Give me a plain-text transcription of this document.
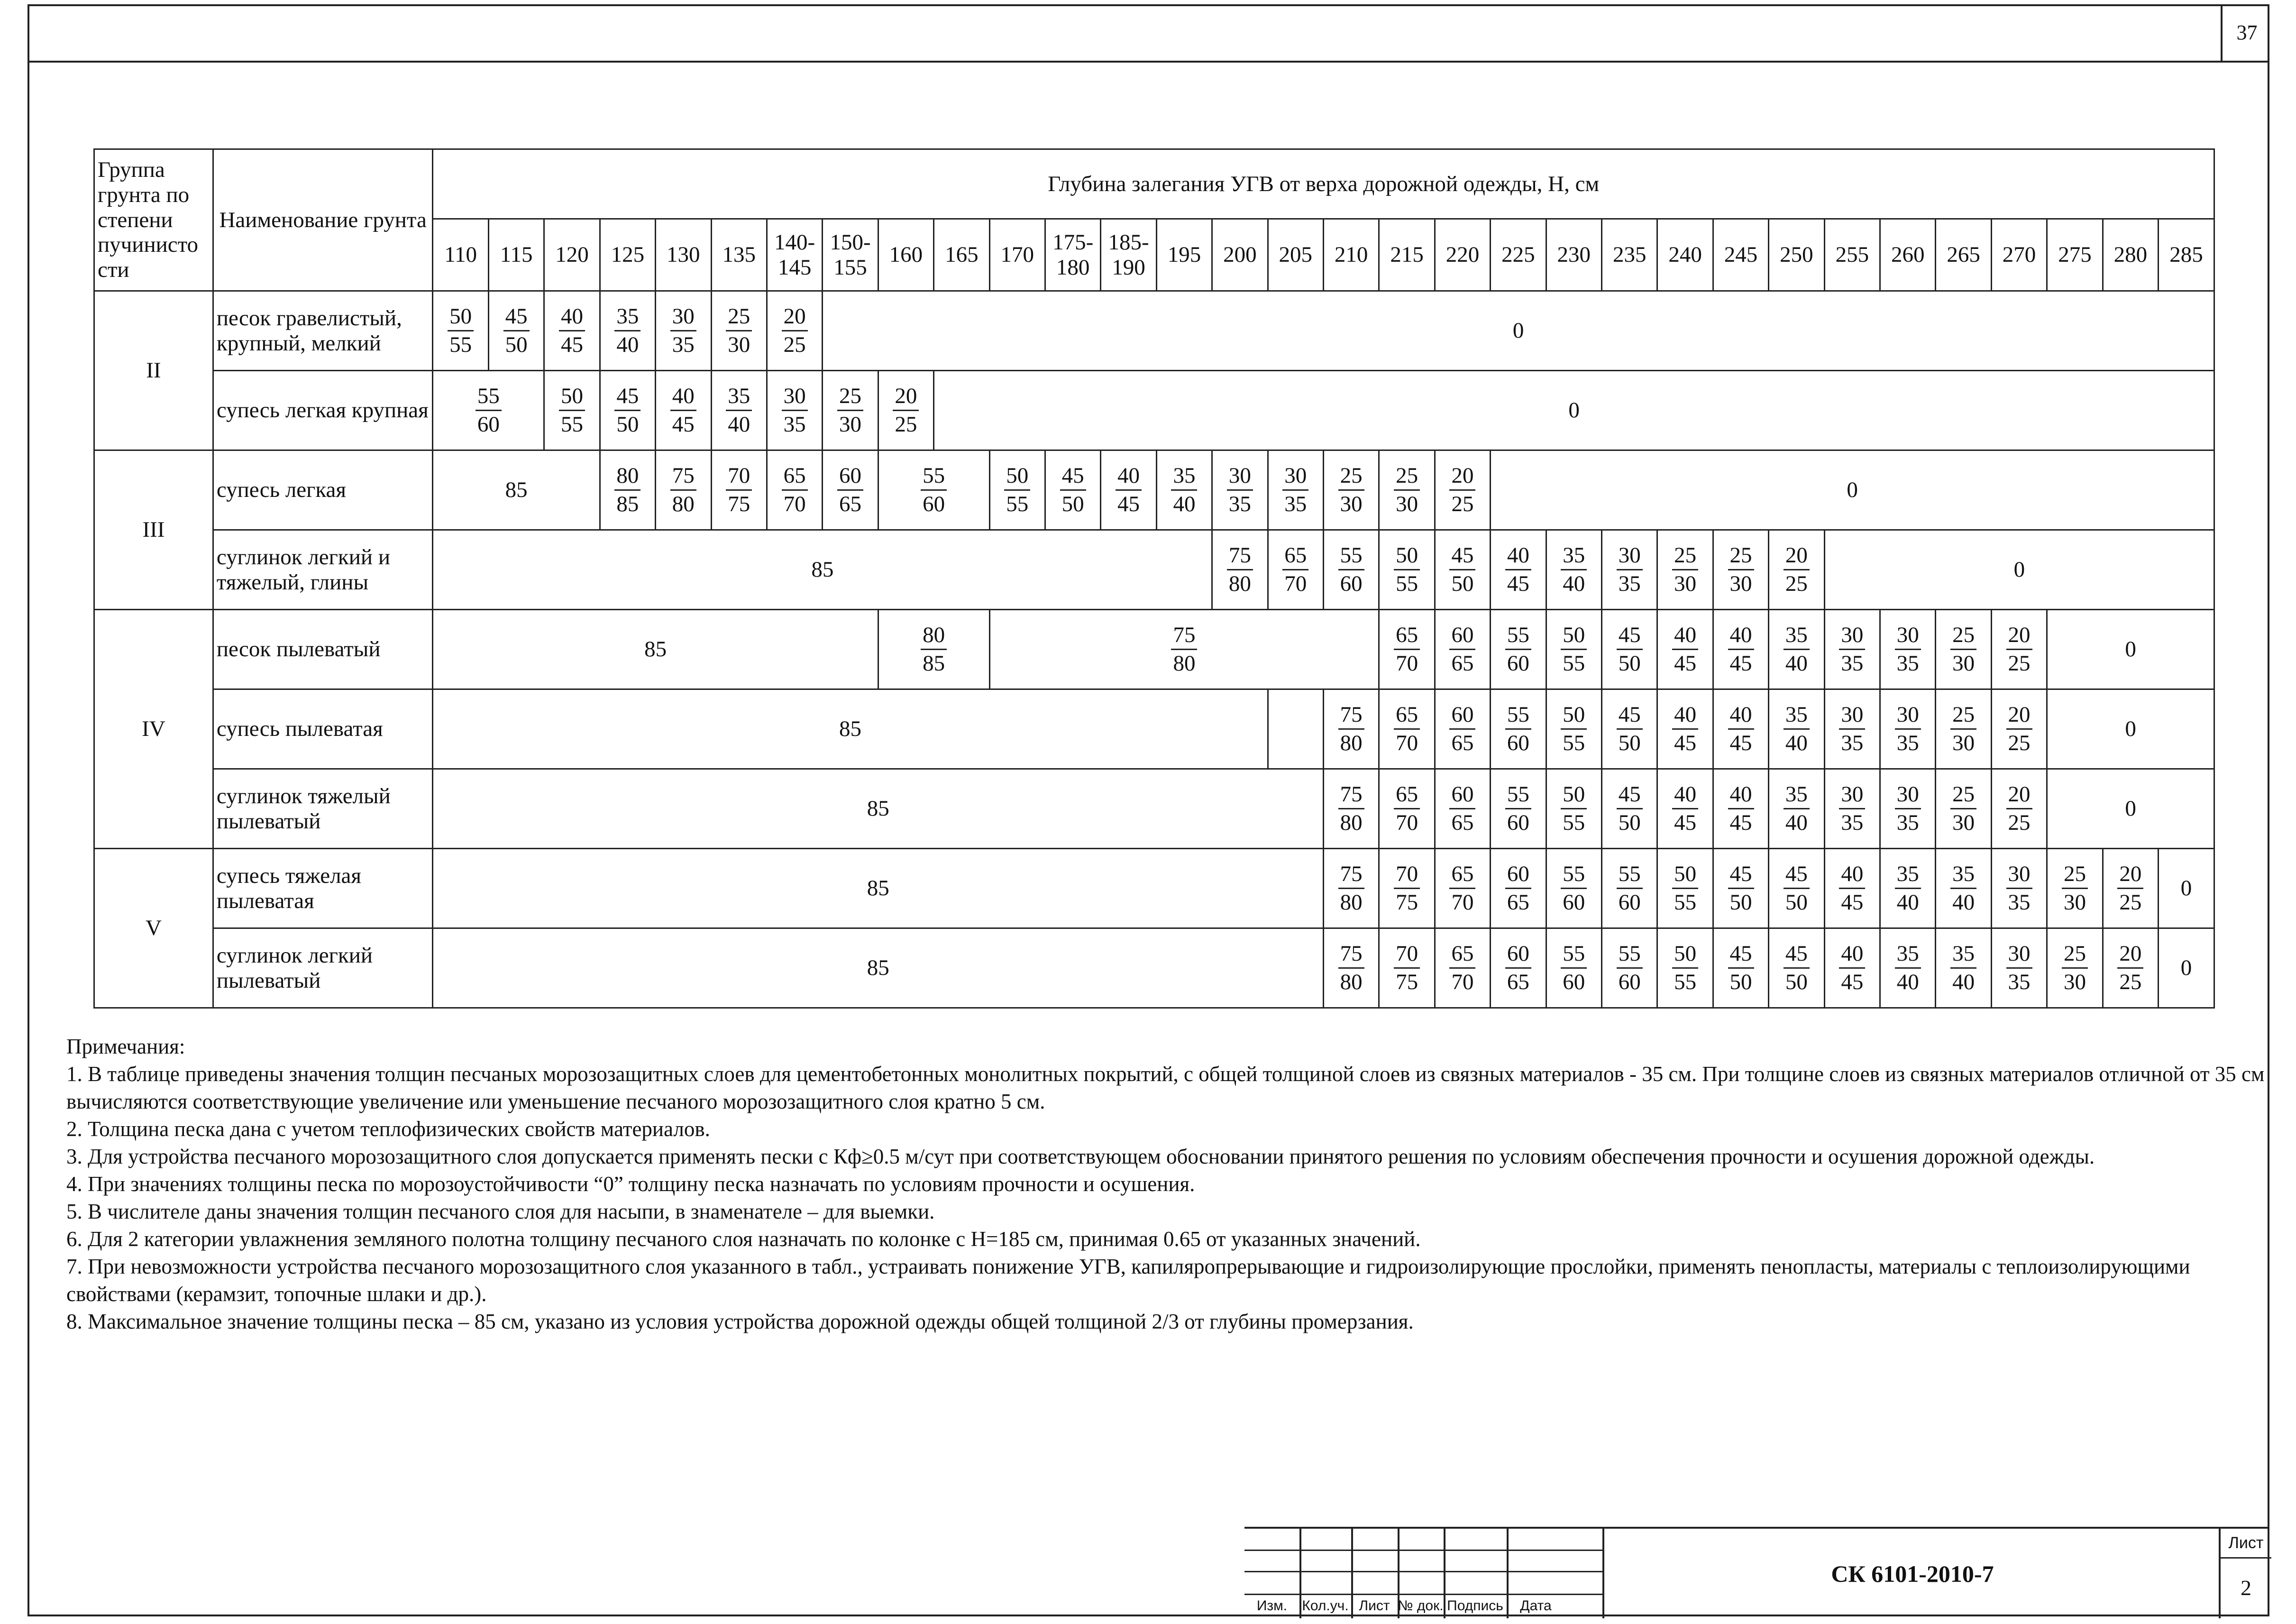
37
Группа грунта по степени пучинисто сти	Наименование грунта	Глубина залегания УГВ от верха дорожной одежды, Н, см																															
		110	115	120	125	130	135	140-145	150-155	160	165	170	175-180	185-190	195	200	205	210	215	220	225	230	235	240	245	250	255	260	265	270	275	280	285
II	песок гравелистый, крупный, мелкий	$\frac{50}{55}$	$\frac{45}{50}$	$\frac{40}{45}$	$\frac{35}{40}$	$\frac{30}{35}$	$\frac{25}{30}$	$\frac{20}{25}$	0																								
	супесь легкая крупная	$\frac{55}{60}$		$\frac{50}{55}$	$\frac{45}{50}$	$\frac{40}{45}$	$\frac{35}{40}$	$\frac{30}{35}$	$\frac{25}{30}$	$\frac{20}{25}$	0																						
III	супесь легкая	85			$\frac{80}{85}$	$\frac{75}{80}$	$\frac{70}{75}$	$\frac{65}{70}$	$\frac{60}{65}$	$\frac{55}{60}$		$\frac{50}{55}$	$\frac{45}{50}$	$\frac{40}{45}$	$\frac{35}{40}$	$\frac{30}{35}$	$\frac{30}{35}$	$\frac{25}{30}$	$\frac{25}{30}$	$\frac{20}{25}$	0												
	суглинок легкий и тяжелый, глины	85														$\frac{75}{80}$	$\frac{65}{70}$	$\frac{55}{60}$	$\frac{50}{55}$	$\frac{45}{50}$	$\frac{40}{45}$	$\frac{35}{40}$	$\frac{30}{35}$	$\frac{25}{30}$	$\frac{25}{30}$	$\frac{20}{25}$	0						
IV	песок пылеватый	85								$\frac{80}{85}$		$\frac{75}{80}$							$\frac{65}{70}$	$\frac{60}{65}$	$\frac{55}{60}$	$\frac{50}{55}$	$\frac{45}{50}$	$\frac{40}{45}$	$\frac{40}{45}$	$\frac{35}{40}$	$\frac{30}{35}$	$\frac{30}{35}$	$\frac{25}{30}$	$\frac{20}{25}$	0		
	супесь пылеватая	85																$\frac{75}{80}$	$\frac{65}{70}$	$\frac{60}{65}$	$\frac{55}{60}$	$\frac{50}{55}$	$\frac{45}{50}$	$\frac{40}{45}$	$\frac{40}{45}$	$\frac{35}{40}$	$\frac{30}{35}$	$\frac{30}{35}$	$\frac{25}{30}$	$\frac{20}{25}$	0		
	суглинок тяжелый пылеватый	85																$\frac{75}{80}$	$\frac{65}{70}$	$\frac{60}{65}$	$\frac{55}{60}$	$\frac{50}{55}$	$\frac{45}{50}$	$\frac{40}{45}$	$\frac{40}{45}$	$\frac{35}{40}$	$\frac{30}{35}$	$\frac{30}{35}$	$\frac{25}{30}$	$\frac{20}{25}$	0		
V	супесь тяжелая пылеватая	85																$\frac{75}{80}$	$\frac{70}{75}$	$\frac{65}{70}$	$\frac{60}{65}$	$\frac{55}{60}$	$\frac{55}{60}$	$\frac{50}{55}$	$\frac{45}{50}$	$\frac{45}{50}$	$\frac{40}{45}$	$\frac{35}{40}$	$\frac{35}{40}$	$\frac{30}{35}$	$\frac{25}{30}$	$\frac{20}{25}$	0
	суглинок легкий пылеватый	85																$\frac{75}{80}$	$\frac{70}{75}$	$\frac{65}{70}$	$\frac{60}{65}$	$\frac{55}{60}$	$\frac{55}{60}$	$\frac{50}{55}$	$\frac{45}{50}$	$\frac{45}{50}$	$\frac{40}{45}$	$\frac{35}{40}$	$\frac{35}{40}$	$\frac{30}{35}$	$\frac{25}{30}$	$\frac{20}{25}$	0

Примечания:

1. В таблице приведены значения толщин песчаных морозозащитных слоев для цементобетонных монолитных покрытий, с общей толщиной слоев из связных материалов - 35 см. При толщине слоев из связных материалов отличной от 35 см вычисляются соответствующие увеличение или уменьшение песчаного морозозащитного слоя кратно 5 см.

2. Толщина песка дана с учетом теплофизических свойств материалов.

3. Для устройства песчаного морозозащитного слоя допускается применять пески с Кф≥0.5 м/сут при соответствующем обосновании принятого решения по условиям обеспечения прочности и осушения дорожной одежды.

4. При значениях толщины песка по морозоустойчивости “0” толщину песка назначать по условиям прочности и осушения.

5. В числителе даны значения толщин песчаного слоя для насыпи, в знаменателе – для выемки.

6. Для 2 категории увлажнения земляного полотна толщину песчаного слоя назначать по колонке с Н=185 см, принимая 0.65 от указанных значений.

7. При невозможности устройства песчаного морозозащитного слоя указанного в табл., устраивать понижение УГВ, капиляропрерывающие и гидроизолирующие прослойки, применять пенопласты, материалы с теплоизолирующими свойствами (керамзит, топочные шлаки и др.).

8. Максимальное значение толщины песка – 85 см, указано из условия устройства дорожной одежды общей толщиной 2/3 от глубины промерзания.

Изм.	Кол.уч. Лист № док. Подпись	Дата
СК 6101-2010-7
Лист
2
